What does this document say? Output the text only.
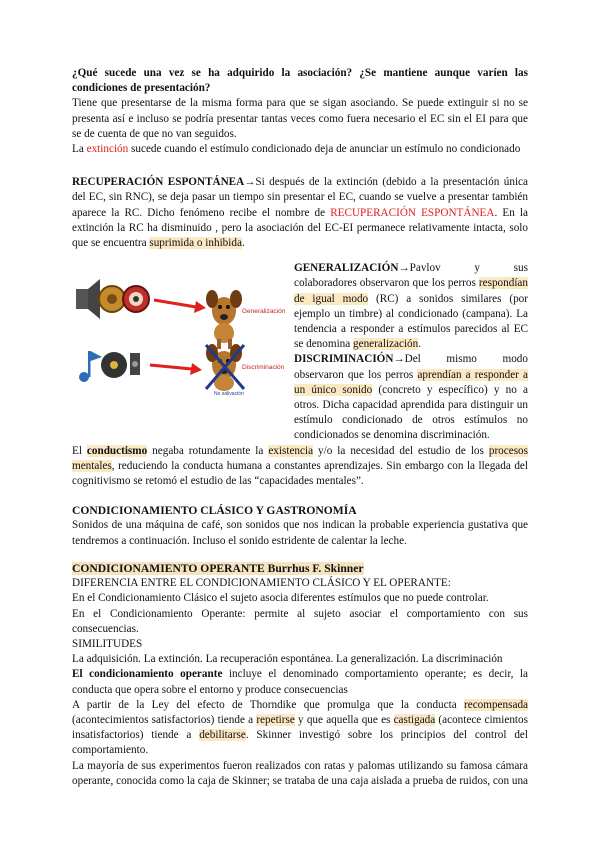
¿Qué sucede una vez se ha adquirido la asociación? ¿Se mantiene aunque varíen las condiciones de presentación?

Tiene que presentarse de la misma forma para que se sigan asociando. Se puede extinguir si no se presenta así e incluso se podría presentar tantas veces como fuera necesario el EC sin el EI para que se de cuenta de que no van seguidos.

La extinción sucede cuando el estímulo condicionado deja de anunciar un estímulo no condicionado

RECUPERACIÓN ESPONTÁNEA→Si después de la extinción (debido a la presentación única del EC, sin RNC), se deja pasar un tiempo sin presentar el EC, cuando se vuelve a presentar también aparece la RC. Dicho fenómeno recibe el nombre de RECUPERACIÓN ESPONTÁNEA. En la extinción la RC ha disminuido , pero la asociación del EC-EI permanece relativamente intacta, solo que se encuentra suprimida o inhibida.

Generalización
Discriminación
No salivación

GENERALIZACIÓN→Pavlov y sus colaboradores observaron que los perros respondían de igual modo (RC) a sonidos similares (por ejemplo un timbre) al condicionado (campana). La tendencia a responder a estímulos parecidos al EC se denomina generalización.

DISCRIMINACIÓN→Del mismo modo observaron que los perros aprendían a responder a un único sonido (concreto y específico) y no a otros. Dicha capacidad aprendida para distinguir un estímulo condicionado de otros estímulos no condicionados se denomina discriminación.

El conductismo negaba rotundamente la existencia y/o la necesidad del estudio de los procesos mentales, reduciendo la conducta humana a constantes aprendizajes. Sin embargo con la llegada del cognitivismo se retomó el estudio de las “capacidades mentales”.

CONDICIONAMIENTO CLÁSICO Y GASTRONOMÍA

Sonidos de una máquina de café, son sonidos que nos indican la probable experiencia gustativa que tendremos a continuación. Incluso el sonido estridente de calentar la leche.

CONDICIONAMIENTO OPERANTE Burrhus F. Skinner

DIFERENCIA ENTRE EL CONDICIONAMIENTO CLÁSICO Y EL OPERANTE:

En el Condicionamiento Clásico el sujeto asocia diferentes estímulos que no puede controlar.

En el Condicionamiento Operante: permite al sujeto asociar el comportamiento con sus consecuencias.

SIMILITUDES

La adquisición. La extinción. La recuperación espontánea. La generalización. La discriminación

El condicionamiento operante incluye el denominado comportamiento operante; es decir, la conducta que opera sobre el entorno y produce consecuencias

A partir de la Ley del efecto de Thorndike que promulga que la conducta recompensada (acontecimientos satisfactorios) tiende a repetirse y que aquella que es castigada (acontece cimientos insatisfactorios) tiende a debilitarse. Skinner investigó sobre los principios del control del comportamiento.

La mayoría de sus experimentos fueron realizados con ratas y palomas utilizando su famosa cámara operante, conocida como la caja de Skinner; se trataba de una caja aislada a prueba de ruidos, con una
